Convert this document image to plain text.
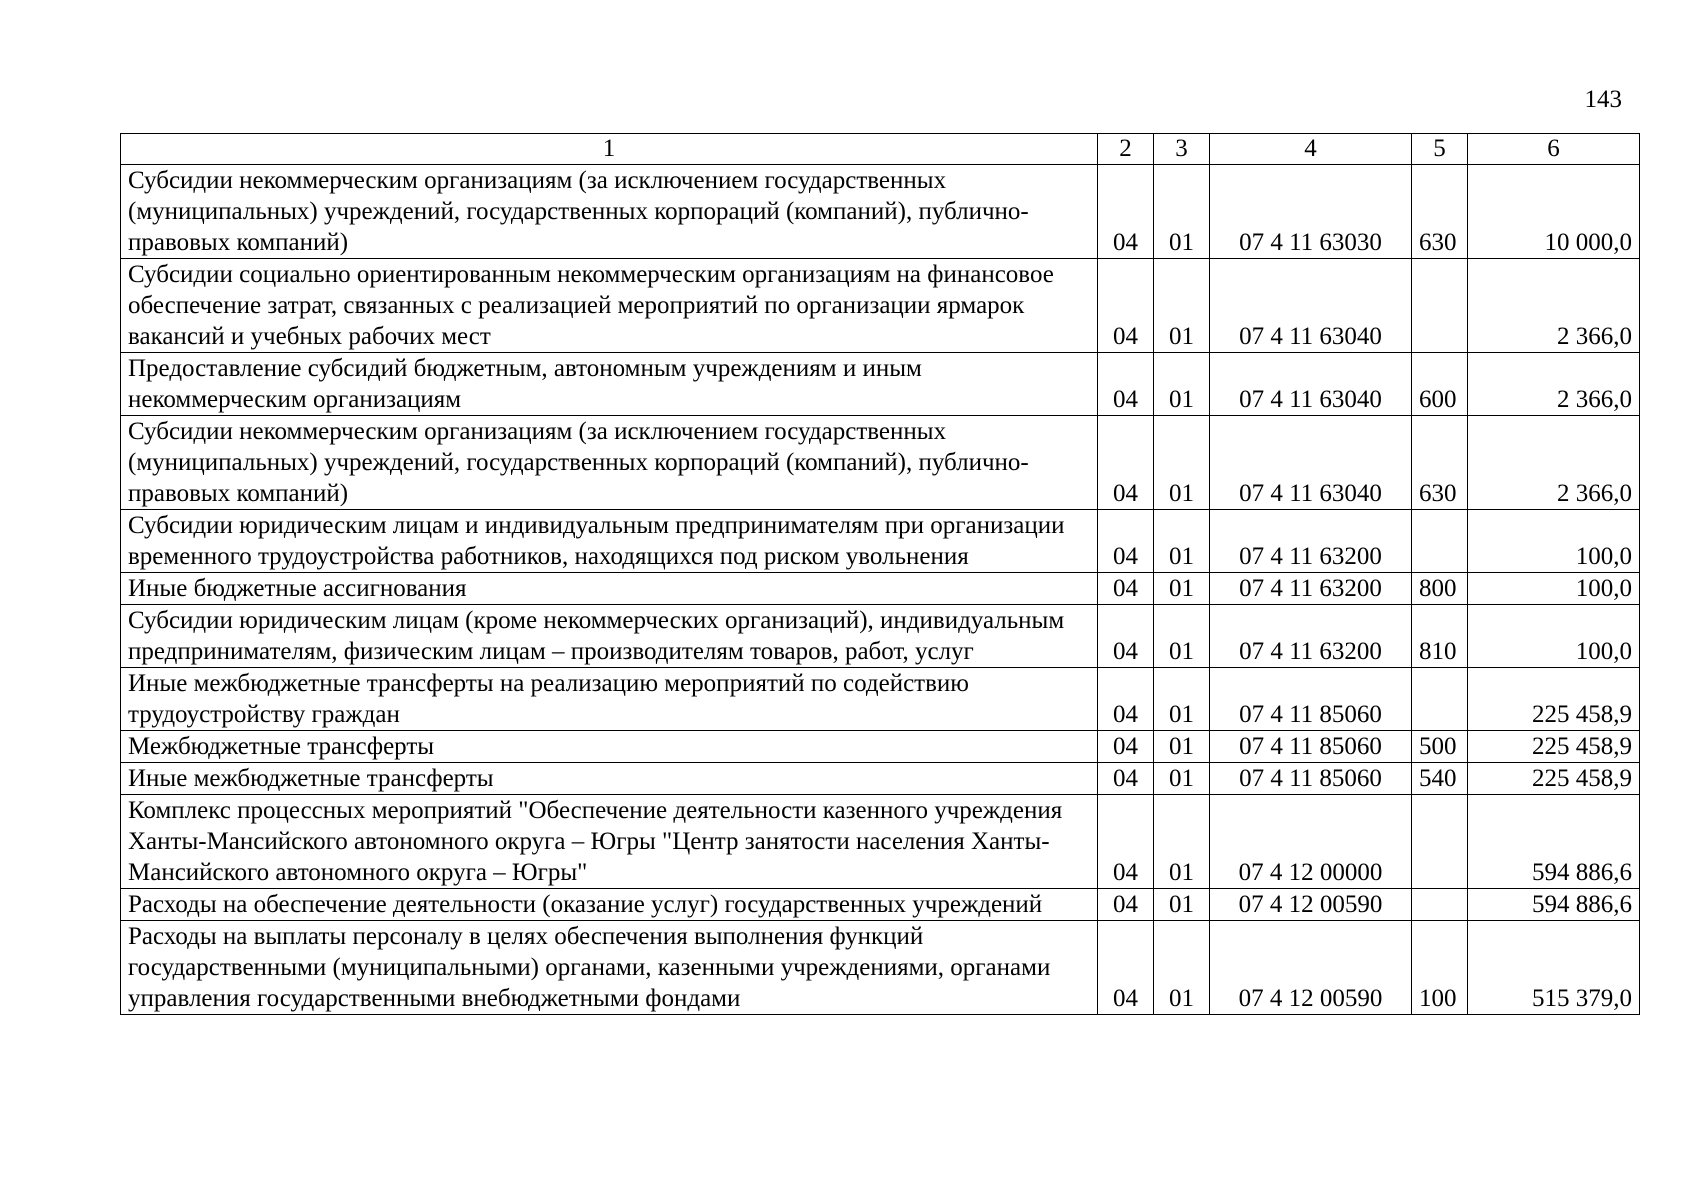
143
1	2	3	4	5	6
Субсидии некоммерческим организациям (за исключением государственных (муниципальных) учреждений, государственных корпораций (компаний), публично-правовых компаний)	04	01	07 4 11 63030	630	10 000,0
Субсидии социально ориентированным некоммерческим организациям на финансовое обеспечение затрат, связанных с реализацией мероприятий по организации ярмарок вакансий и учебных рабочих мест	04	01	07 4 11 63040		2 366,0
Предоставление субсидий бюджетным, автономным учреждениям и иным некоммерческим организациям	04	01	07 4 11 63040	600	2 366,0
Субсидии некоммерческим организациям (за исключением государственных (муниципальных) учреждений, государственных корпораций (компаний), публично-правовых компаний)	04	01	07 4 11 63040	630	2 366,0
Субсидии юридическим лицам и индивидуальным предпринимателям при организации временного трудоустройства работников, находящихся под риском увольнения	04	01	07 4 11 63200		100,0
Иные бюджетные ассигнования	04	01	07 4 11 63200	800	100,0
Субсидии юридическим лицам (кроме некоммерческих организаций), индивидуальным предпринимателям, физическим лицам – производителям товаров, работ, услуг	04	01	07 4 11 63200	810	100,0
Иные межбюджетные трансферты на реализацию мероприятий по содействию трудоустройству граждан	04	01	07 4 11 85060		225 458,9
Межбюджетные трансферты	04	01	07 4 11 85060	500	225 458,9
Иные межбюджетные трансферты	04	01	07 4 11 85060	540	225 458,9
Комплекс процессных мероприятий "Обеспечение деятельности казенного учреждения Ханты-Мансийского автономного округа – Югры "Центр занятости населения Ханты-Мансийского автономного округа – Югры"	04	01	07 4 12 00000		594 886,6
Расходы на обеспечение деятельности (оказание услуг) государственных учреждений	04	01	07 4 12 00590		594 886,6
Расходы на выплаты персоналу в целях обеспечения выполнения функций государственными (муниципальными) органами, казенными учреждениями, органами управления государственными внебюджетными фондами	04	01	07 4 12 00590	100	515 379,0
